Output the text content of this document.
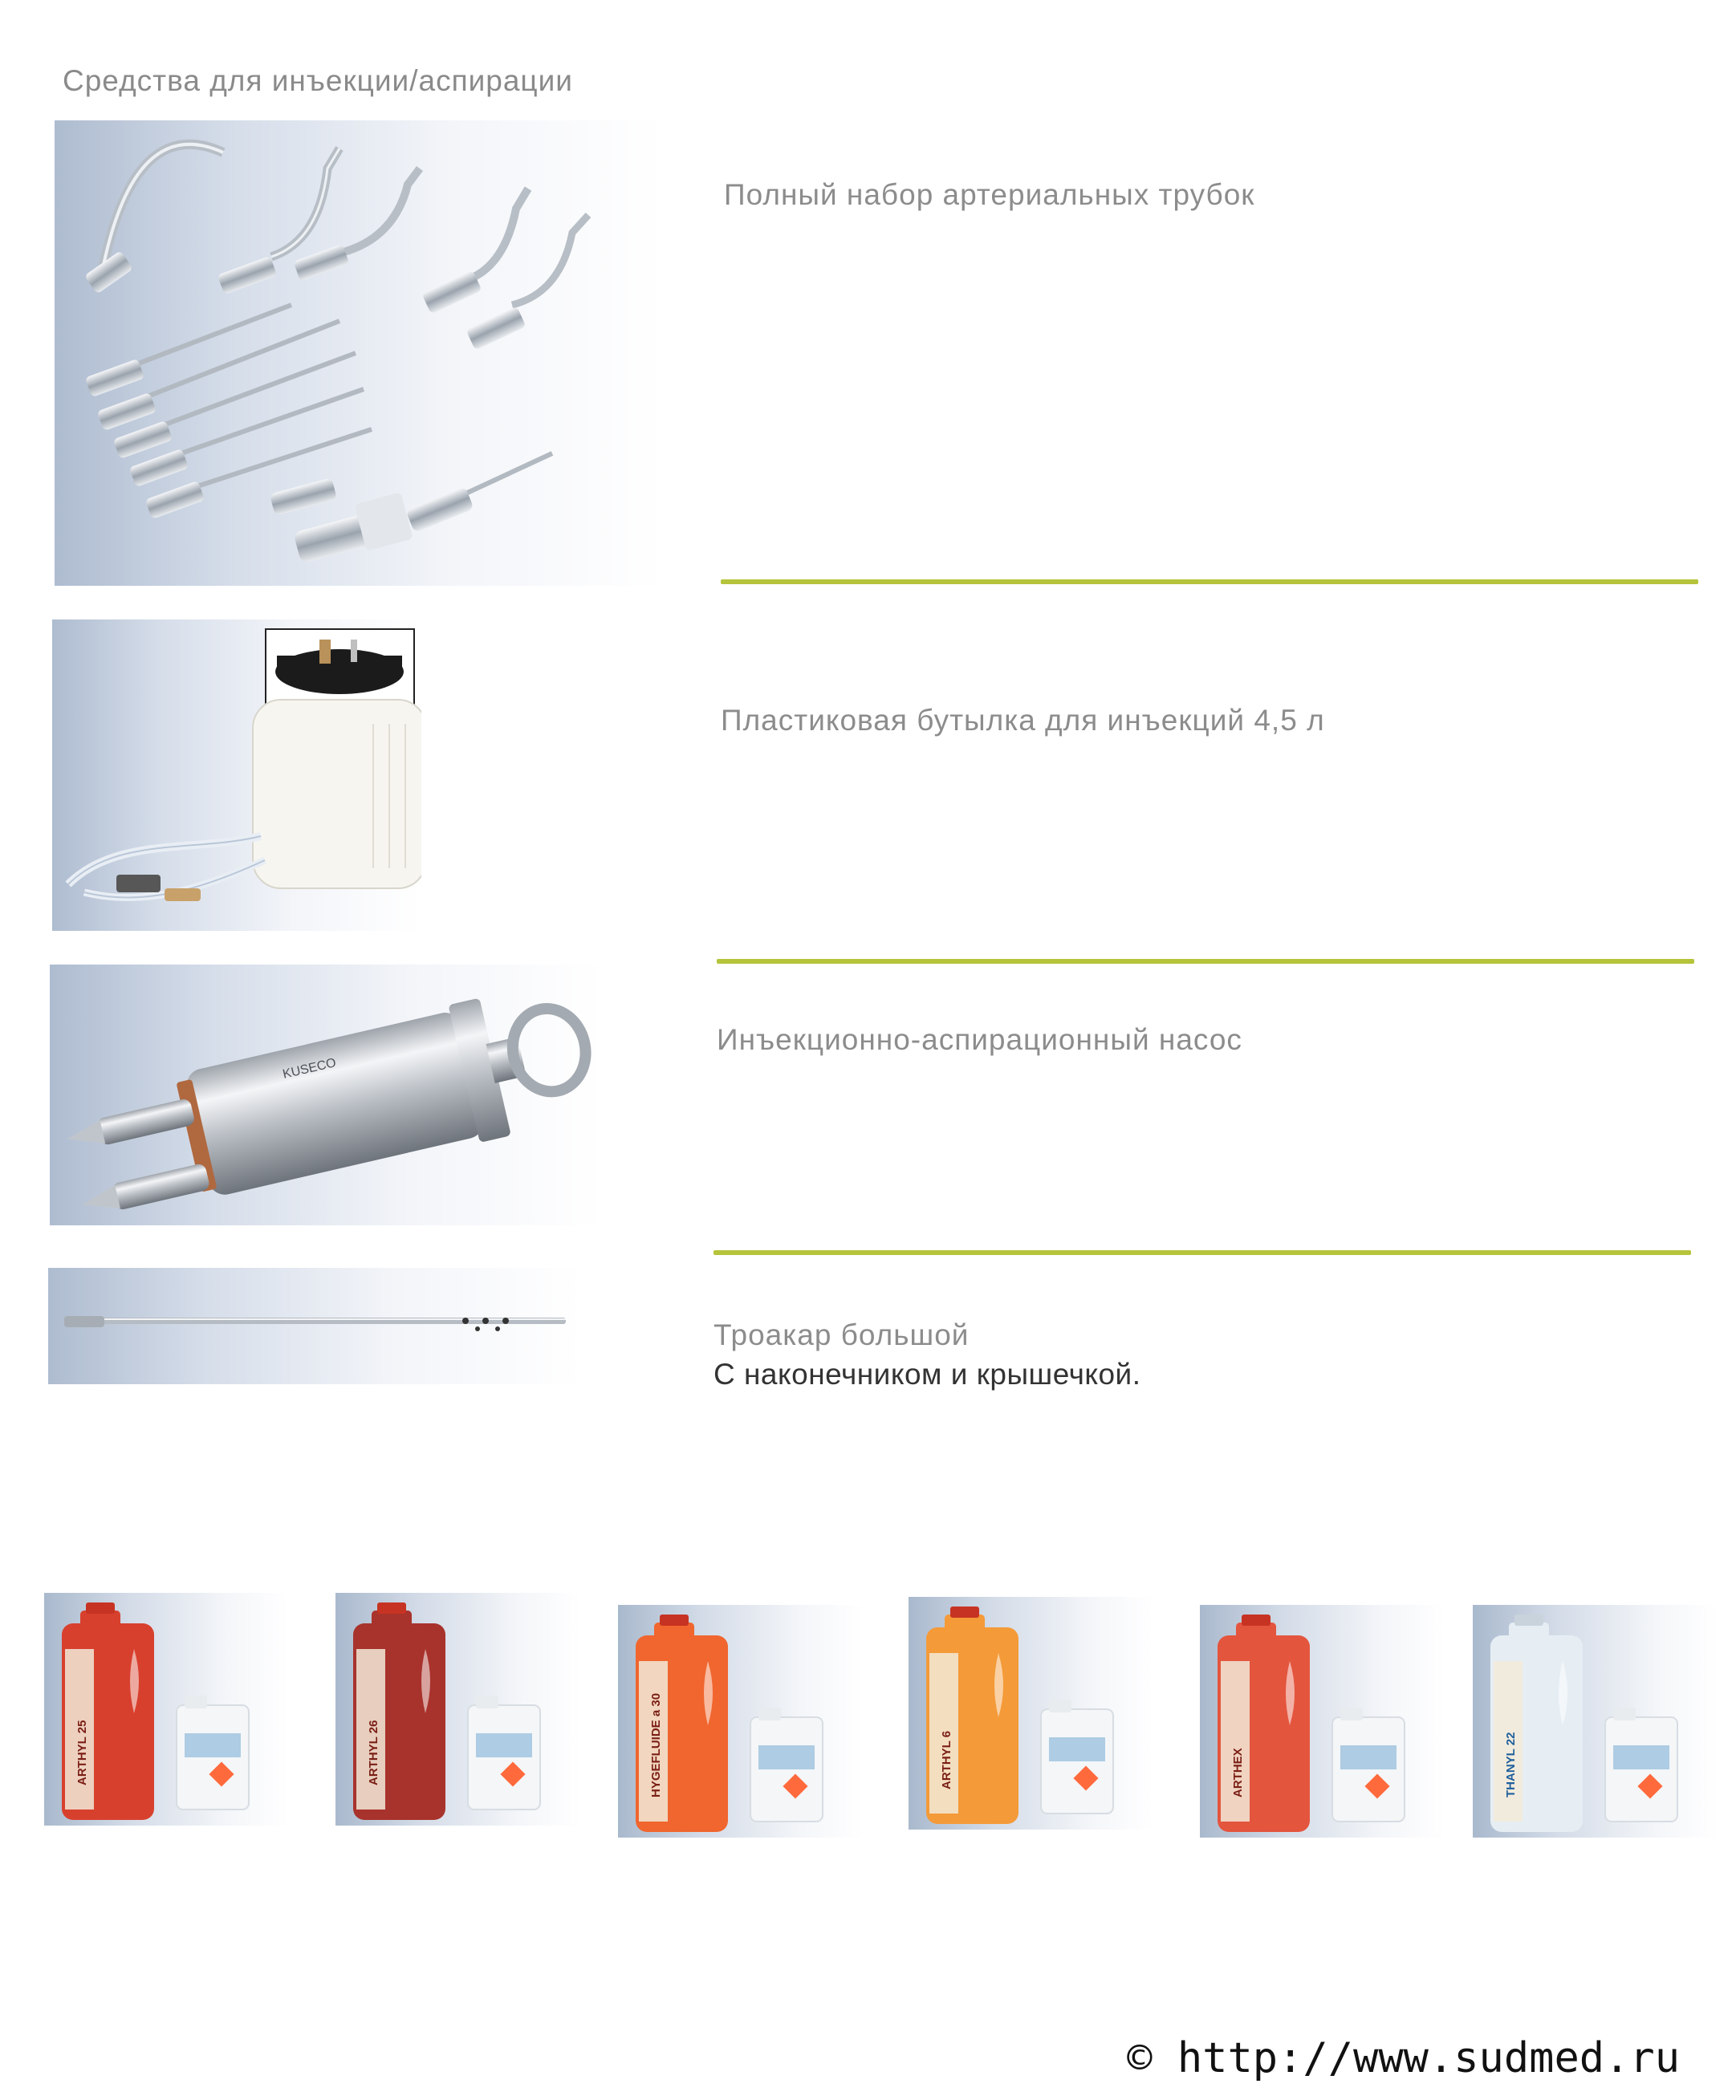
Средства для инъекции/аспирации
Полный набор артериальных трубок
Пластиковая бутылка для инъекций 4,5 л
KUSECO
Инъекционно-аспирационный насос
Троакар большой
С наконечником и крышечкой.
ARTHYL 25	ARTHYL 26	HYGEFLUIDE a 30	ARTHYL 6	ARTHEX	THANYL 22
© http://www.sudmed.ru
